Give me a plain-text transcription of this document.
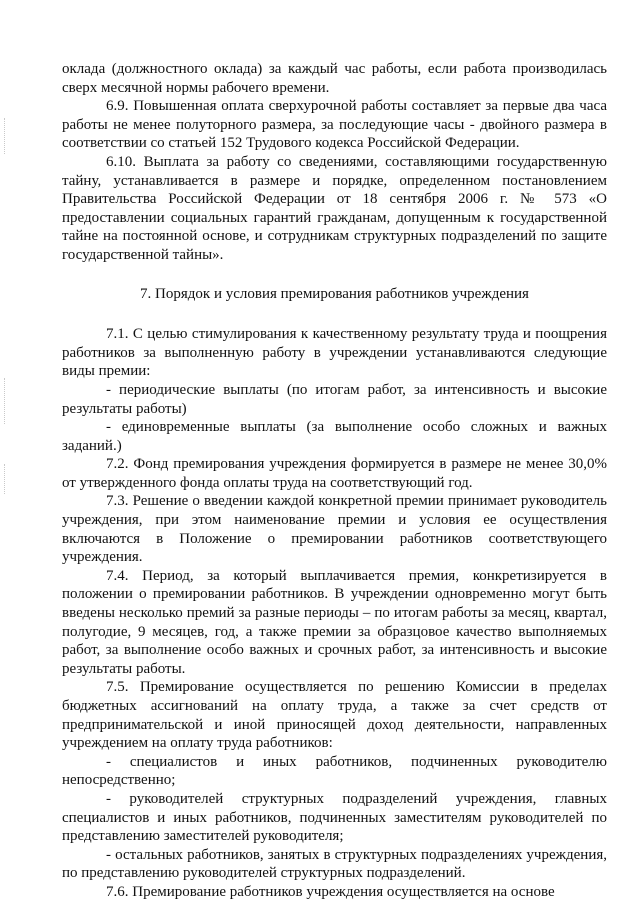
оклада (должностного оклада) за каждый час работы, если работа производилась сверх месячной нормы рабочего времени.

6.9. Повышенная оплата сверхурочной работы составляет за первые два часа работы не менее полуторного размера, за последующие часы - двойного размера в соответствии со статьей 152 Трудового кодекса Российской Федерации.

6.10. Выплата за работу со сведениями, составляющими государственную тайну, устанавливается в размере и порядке, определенном постановлением Правительства Российской Федерации от 18 сентября 2006 г. № 573 «О предоставлении социальных гарантий гражданам, допущенным к государственной тайне на постоянной основе, и сотрудникам структурных подразделений по защите государственной тайны».

7. Порядок и условия премирования работников учреждения

7.1. С целью стимулирования к качественному результату труда и поощрения работников за выполненную работу в учреждении устанавливаются следующие виды премии:

- периодические выплаты (по итогам работ, за интенсивность и высокие результаты работы)

- единовременные выплаты (за выполнение особо сложных и важных заданий.)

7.2. Фонд премирования учреждения формируется в размере не менее 30,0% от утвержденного фонда оплаты труда на соответствующий год.

7.3. Решение о введении каждой конкретной премии принимает руководитель учреждения, при этом наименование премии и условия ее осуществления включаются в Положение о премировании работников соответствующего учреждения.

7.4. Период, за который выплачивается премия, конкретизируется в положении о премировании работников. В учреждении одновременно могут быть введены несколько премий за разные периоды – по итогам работы за месяц, квартал, полугодие, 9 месяцев, год, а также премии за образцовое качество выполняемых работ, за выполнение особо важных и срочных работ, за интенсивность и высокие результаты работы.

7.5. Премирование осуществляется по решению Комиссии в пределах бюджетных ассигнований на оплату труда, а также за счет средств от предпринимательской и иной приносящей доход деятельности, направленных учреждением на оплату труда работников:

- специалистов и иных работников, подчиненных руководителю непосредственно;

- руководителей структурных подразделений учреждения, главных специалистов и иных работников, подчиненных заместителям руководителей по представлению заместителей руководителя;

- остальных работников, занятых в структурных подразделениях учреждения, по представлению руководителей структурных подразделений.

7.6. Премирование работников учреждения осуществляется на основе
